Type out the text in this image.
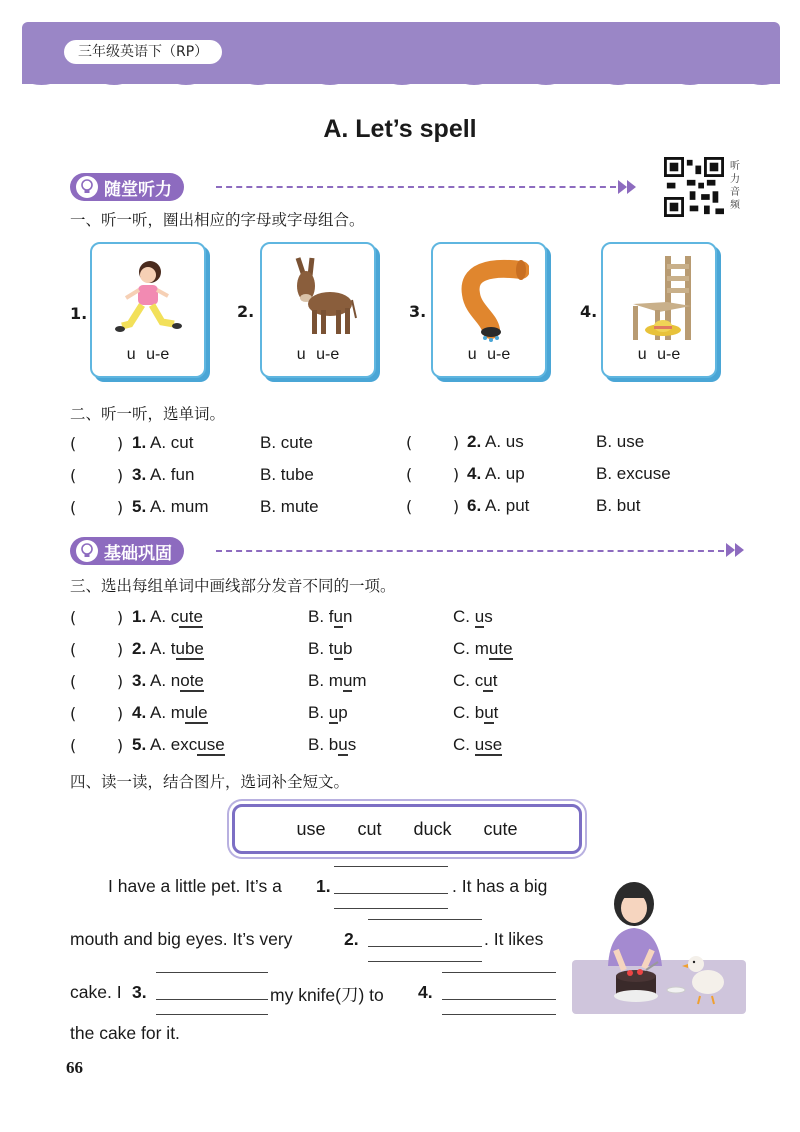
三年级英语下（RP）
A. Let’s spell
随堂听力
听力音频
一、听一听，圈出相应的字母或字母组合。
1.
u u-e
2.
u u-e
3.
u u-e
4.
u u-e
二、听一听，选单词。
(        ) 1. A. cut	B. cute	(        ) 2. A. us	B. use
(        ) 3. A. fun	B. tube	(        ) 4. A. up	B. excuse
(        ) 5. A. mum	B. mute	(        ) 6. A. put	B. but
基础巩固
三、选出每组单词中画线部分发音不同的一项。
(        ) 1. A. cute	B. fun	C. us
(        ) 2. A. tube	B. tub	C. mute
(        ) 3. A. note	B. mum	C. cut
(        ) 4. A. mule	B. up	C. but
(        ) 5. A. excuse	B. bus	C. use
四、读一读，结合图片，选词补全短文。
use cut duck cute
I have a little pet. It’s a 1.	. It has a big
mouth and big eyes. It’s very	2.	. It likes
cake. I 3.	my knife(刀) to 4.
the cake for it.
66
